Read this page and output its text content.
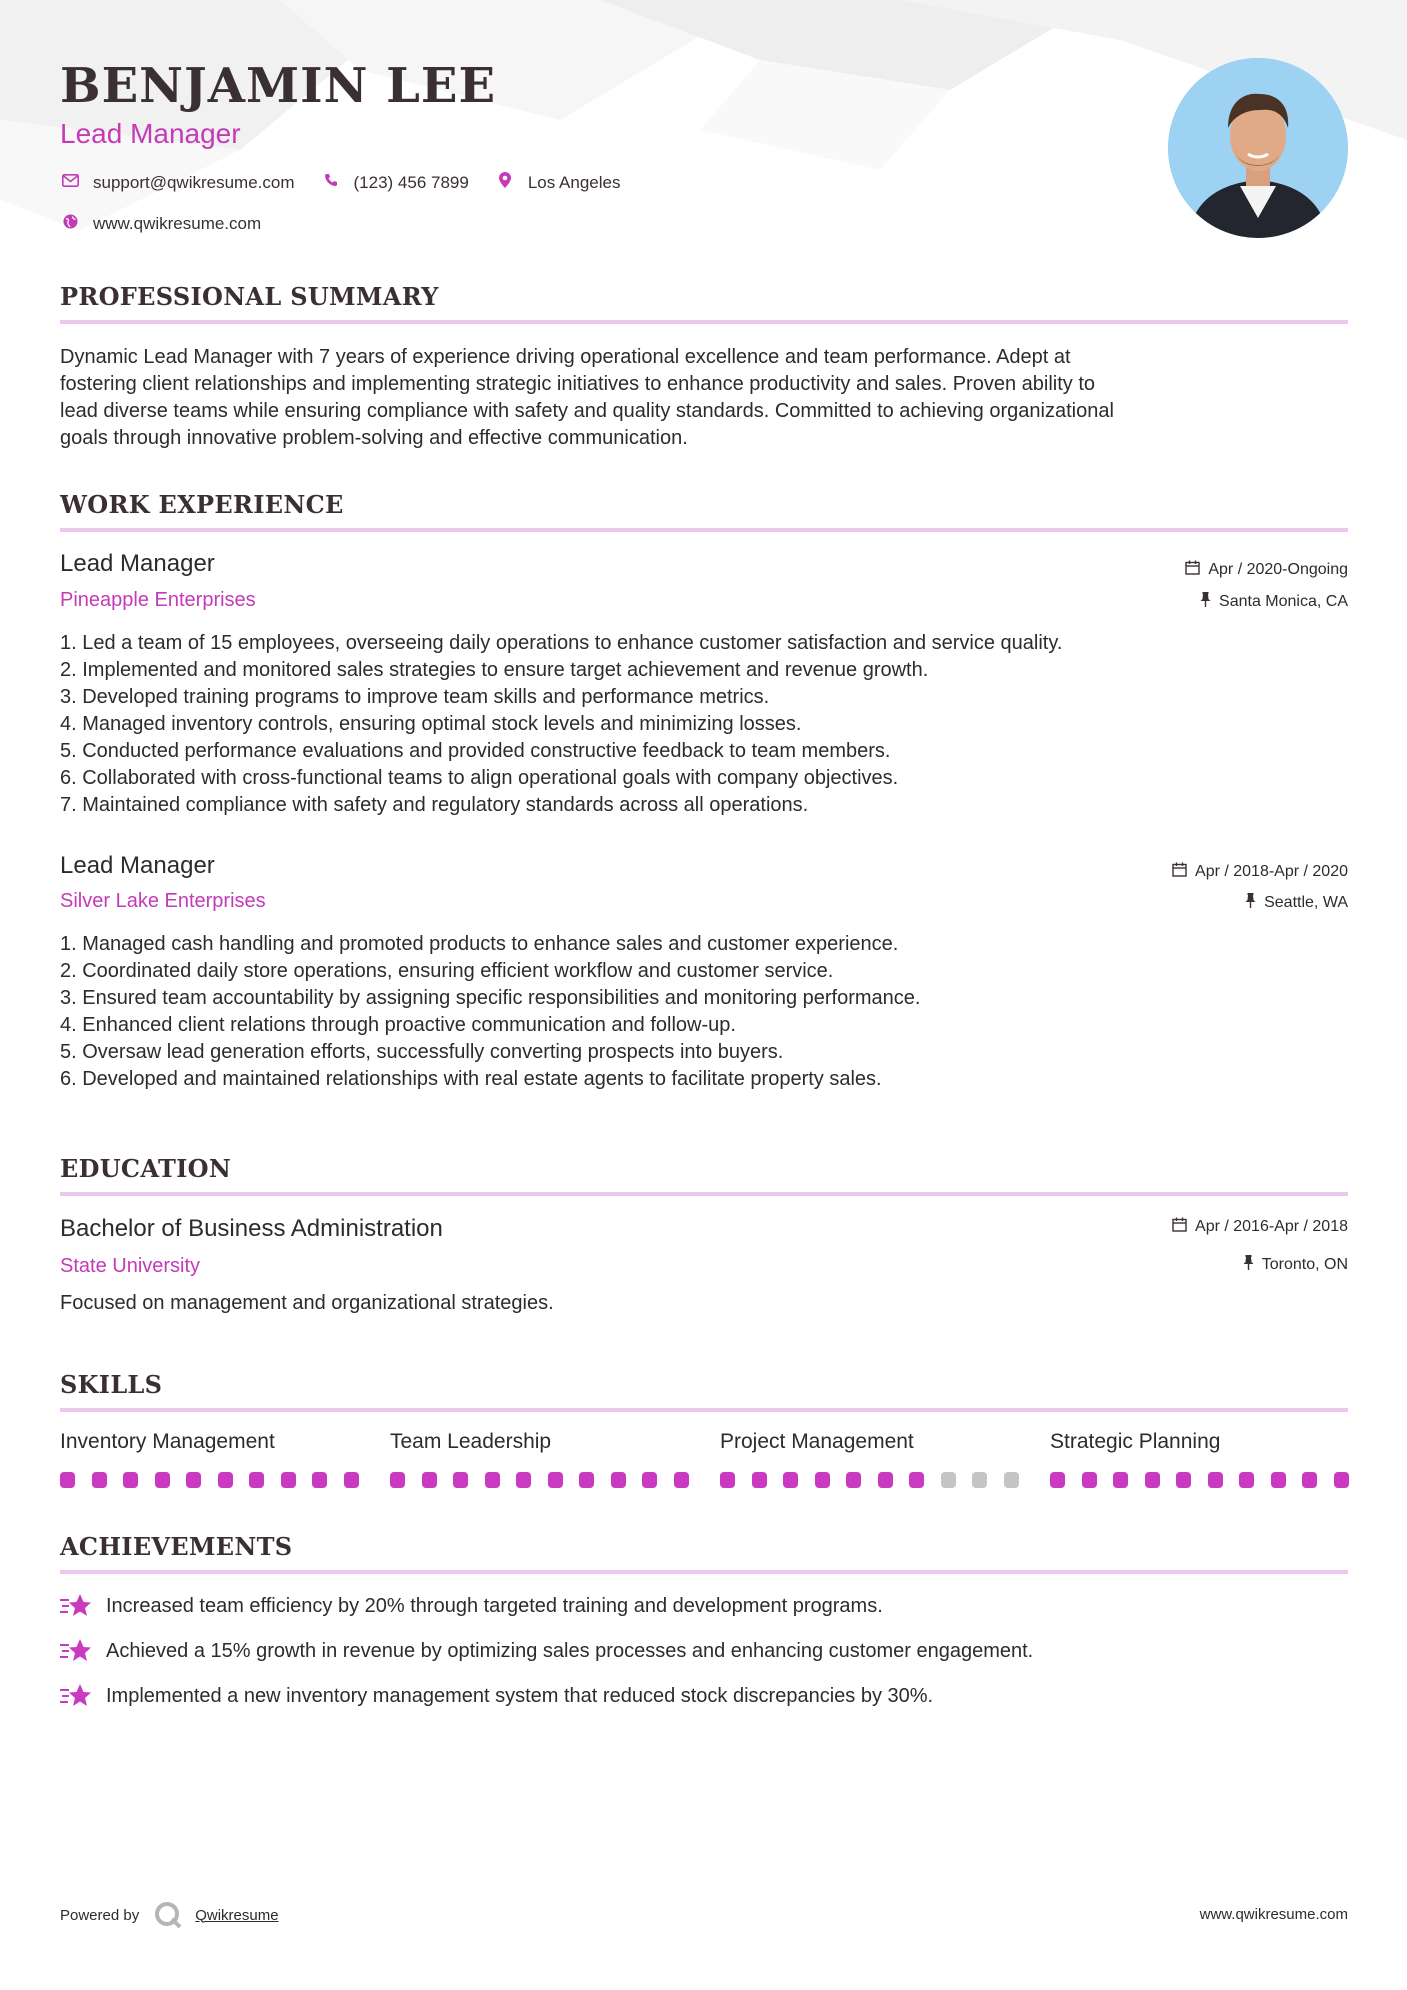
BENJAMIN LEE
Lead Manager
support@qwikresume.com	(123) 456 7899	Los Angeles
www.qwikresume.com
PROFESSIONAL SUMMARY
Dynamic Lead Manager with 7 years of experience driving operational excellence and team performance. Adept at
fostering client relationships and implementing strategic initiatives to enhance productivity and sales. Proven ability to
lead diverse teams while ensuring compliance with safety and quality standards. Committed to achieving organizational
goals through innovative problem-solving and effective communication.
WORK EXPERIENCE
Lead Manager
Pineapple Enterprises
Apr / 2020-Ongoing
Santa Monica, CA
1. Led a team of 15 employees, overseeing daily operations to enhance customer satisfaction and service quality.
2. Implemented and monitored sales strategies to ensure target achievement and revenue growth.
3. Developed training programs to improve team skills and performance metrics.
4. Managed inventory controls, ensuring optimal stock levels and minimizing losses.
5. Conducted performance evaluations and provided constructive feedback to team members.
6. Collaborated with cross-functional teams to align operational goals with company objectives.
7. Maintained compliance with safety and regulatory standards across all operations.
Lead Manager
Silver Lake Enterprises
Apr / 2018-Apr / 2020
Seattle, WA
1. Managed cash handling and promoted products to enhance sales and customer experience.
2. Coordinated daily store operations, ensuring efficient workflow and customer service.
3. Ensured team accountability by assigning specific responsibilities and monitoring performance.
4. Enhanced client relations through proactive communication and follow-up.
5. Oversaw lead generation efforts, successfully converting prospects into buyers.
6. Developed and maintained relationships with real estate agents to facilitate property sales.
EDUCATION
Bachelor of Business Administration
State University
Apr / 2016-Apr / 2018
Toronto, ON
Focused on management and organizational strategies.
SKILLS
Inventory Management	Team Leadership	Project Management	Strategic Planning
ACHIEVEMENTS
Increased team efficiency by 20% through targeted training and development programs.
Achieved a 15% growth in revenue by optimizing sales processes and enhancing customer engagement.
Implemented a new inventory management system that reduced stock discrepancies by 30%.
Powered by	Qwikresume	www.qwikresume.com
